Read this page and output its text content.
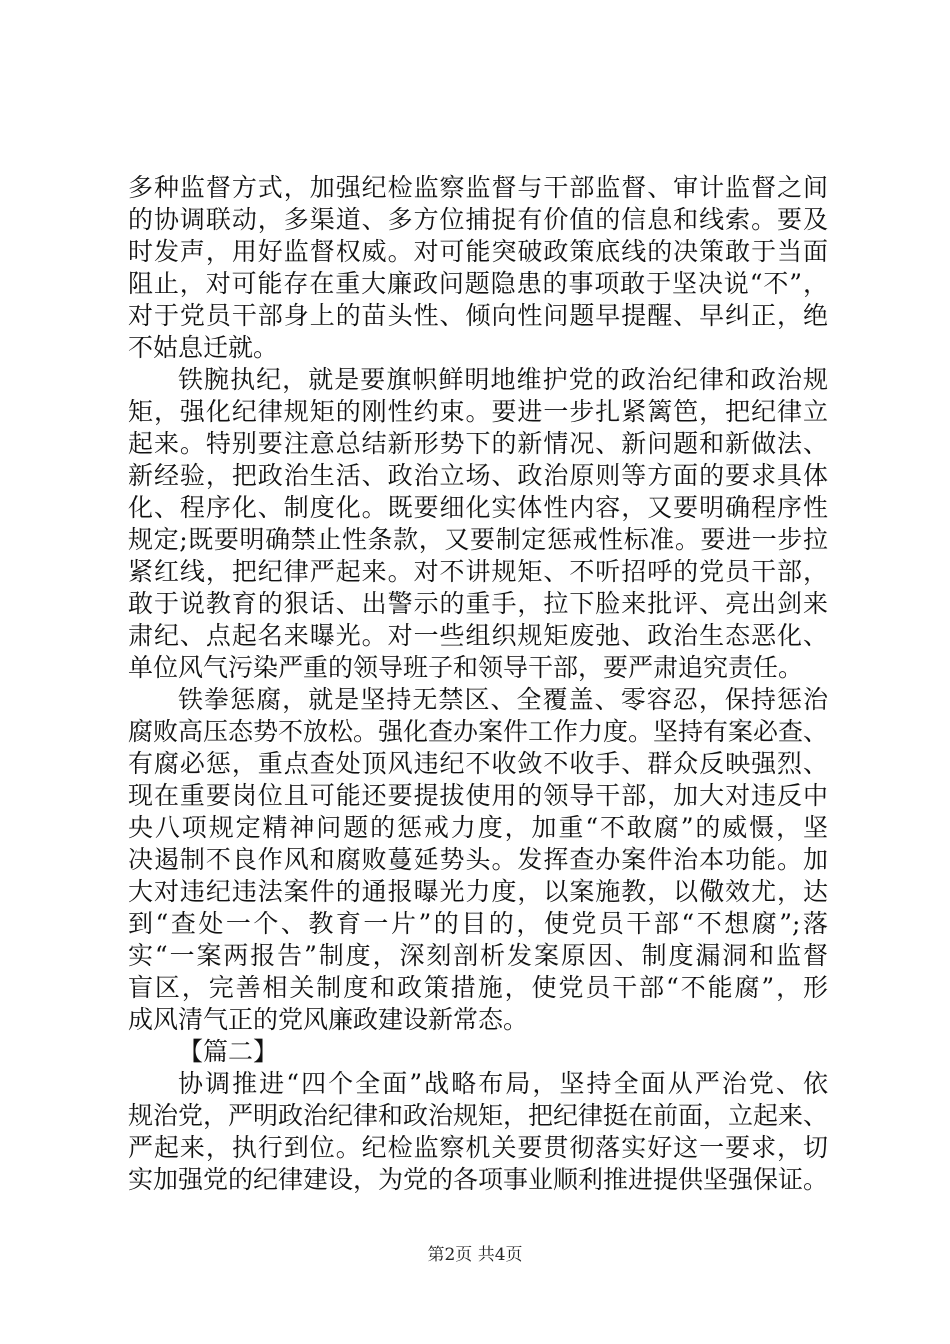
多种监督方式，加强纪检监察监督与干部监督、审计监督之间
的协调联动，多渠道、多方位捕捉有价值的信息和线索。要及
时发声，用好监督权威。对可能突破政策底线的决策敢于当面
阻止，对可能存在重大廉政问题隐患的事项敢于坚决说“不”，
对于党员干部身上的苗头性、倾向性问题早提醒、早纠正，绝
不姑息迁就。
铁腕执纪，就是要旗帜鲜明地维护党的政治纪律和政治规
矩，强化纪律规矩的刚性约束。要进一步扎紧篱笆，把纪律立
起来。特别要注意总结新形势下的新情况、新问题和新做法、
新经验，把政治生活、政治立场、政治原则等方面的要求具体
化、程序化、制度化。既要细化实体性内容，又要明确程序性
规定;既要明确禁止性条款，又要制定惩戒性标准。要进一步拉
紧红线，把纪律严起来。对不讲规矩、不听招呼的党员干部，
敢于说教育的狠话、出警示的重手，拉下脸来批评、亮出剑来
肃纪、点起名来曝光。对一些组织规矩废弛、政治生态恶化、
单位风气污染严重的领导班子和领导干部，要严肃追究责任。
铁拳惩腐，就是坚持无禁区、全覆盖、零容忍，保持惩治
腐败高压态势不放松。强化查办案件工作力度。坚持有案必查、
有腐必惩，重点查处顶风违纪不收敛不收手、群众反映强烈、
现在重要岗位且可能还要提拔使用的领导干部，加大对违反中
央八项规定精神问题的惩戒力度，加重“不敢腐”的威慑，坚
决遏制不良作风和腐败蔓延势头。发挥查办案件治本功能。加
大对违纪违法案件的通报曝光力度，以案施教，以儆效尤，达
到“查处一个、教育一片”的目的，使党员干部“不想腐”;落
实“一案两报告”制度，深刻剖析发案原因、制度漏洞和监督
盲区，完善相关制度和政策措施，使党员干部“不能腐”，形
成风清气正的党风廉政建设新常态。
【篇二】
协调推进“四个全面”战略布局，坚持全面从严治党、依
规治党，严明政治纪律和政治规矩，把纪律挺在前面，立起来、
严起来，执行到位。纪检监察机关要贯彻落实好这一要求，切
实加强党的纪律建设，为党的各项事业顺利推进提供坚强保证。
第2页 共4页
